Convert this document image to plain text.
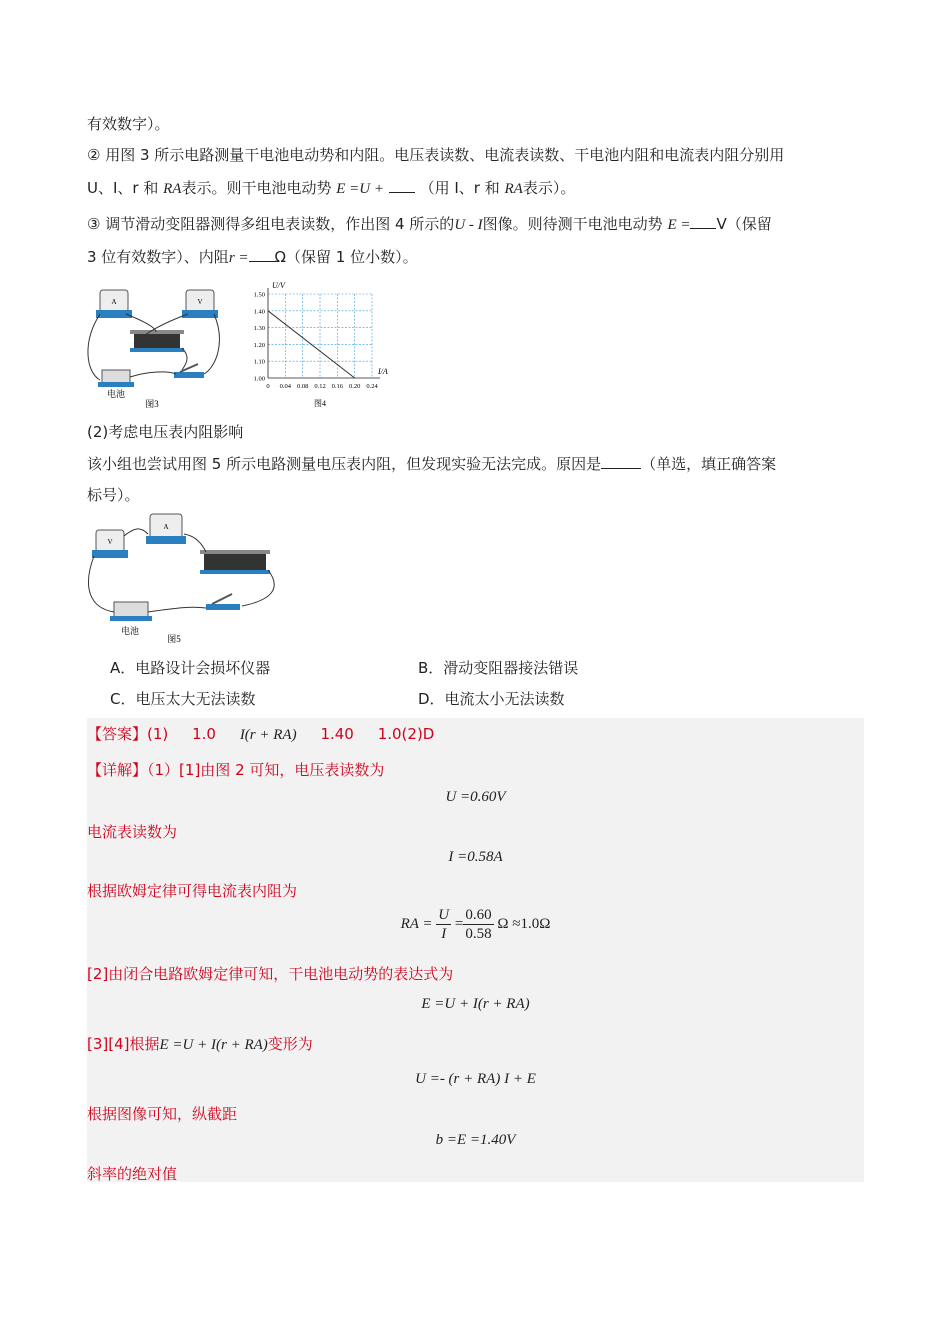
有效数字）。
② 用图 3 所示电路测量干电池电动势和内阻。电压表读数、电流表读数、干电池内阻和电流表内阻分别用
U、I、r 和 RA表示。则干电池电动势 E =U + （用 I、r 和 RA表示）。
③ 调节滑动变阻器测得多组电表读数，作出图 4 所示的U - I图像。则待测干电池电动势 E = V（保留
3 位有效数字）、内阻r = Ω（保留 1 位小数）。
A	V
电池
图3
0 0.04 0.08 0.12 0.16 0.20 0.24
1.00
1.10
1.20
1.30
1.40
1.50
U/V
I/A
图4
(2)考虑电压表内阻影响
该小组也尝试用图 5 所示电路测量电压表内阻，但发现实验无法完成。原因是	（单选，填正确答案
标号）。
V
A
电池
图5
A．电路设计会损坏仪器	B．滑动变阻器接法错误
C．电压太大无法读数	D．电流太小无法读数
【答案】(1) 1.0 I(r + RA) 1.40 1.0(2)D
【详解】（1）[1]由图 2 可知，电压表读数为
U =0.60V
电流表读数为
I =0.58A
根据欧姆定律可得电流表内阻为
RA = $\frac{U}{I} = \frac{0.60}{0.58}$ Ω ≈1.0Ω
[2]由闭合电路欧姆定律可知，干电池电动势的表达式为
E =U + I(r + RA)
[3][4]根据E =U + I(r + RA)变形为
U =- (r + RA) I + E
根据图像可知，纵截距
b =E =1.40V
斜率的绝对值
